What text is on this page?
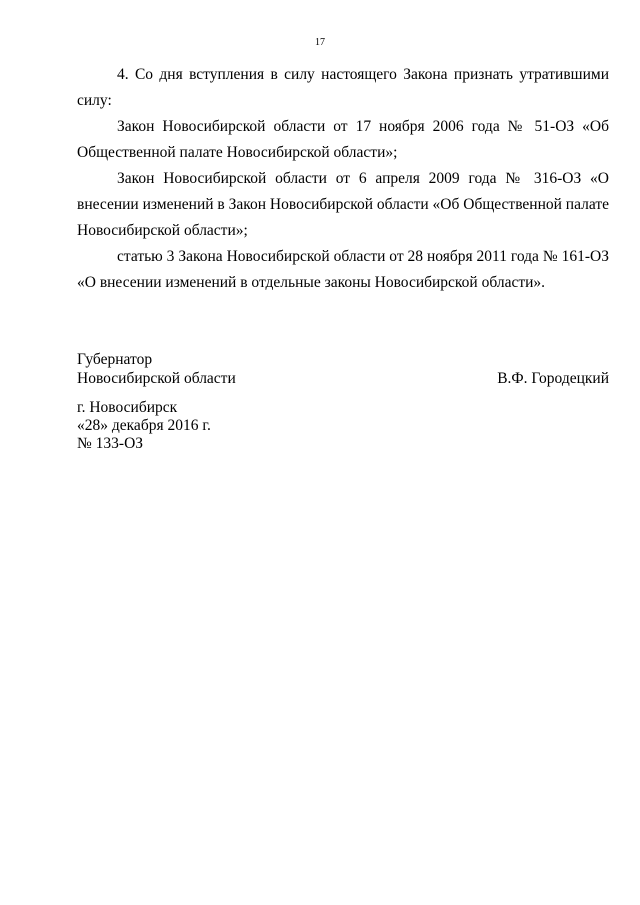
17

4. Со дня вступления в силу настоящего Закона признать утратившими силу:

Закон Новосибирской области от 17 ноября 2006 года № 51-ОЗ «Об Общественной палате Новосибирской области»;

Закон Новосибирской области от 6 апреля 2009 года № 316-ОЗ «О внесении изменений в Закон Новосибирской области «Об Общественной палате Новосибирской области»;

статью 3 Закона Новосибирской области от 28 ноября 2011 года № 161-ОЗ «О внесении изменений в отдельные законы Новосибирской области».

Губернатор
Новосибирской области	В.Ф. Городецкий
г. Новосибирск
«28» декабря 2016 г.
№ 133-ОЗ
